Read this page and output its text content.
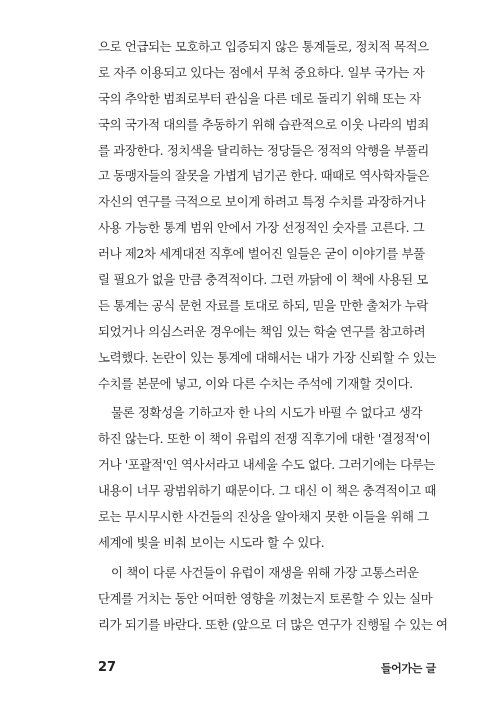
으로 언급되는 모호하고 입증되지 않은 통계들로, 정치적 목적으
로 자주 이용되고 있다는 점에서 무척 중요하다. 일부 국가는 자
국의 추악한 범죄로부터 관심을 다른 데로 돌리기 위해 또는 자
국의 국가적 대의를 추동하기 위해 습관적으로 이웃 나라의 범죄
를 과장한다. 정치색을 달리하는 정당들은 정적의 악행을 부풀리
고 동맹자들의 잘못을 가볍게 넘기곤 한다. 때때로 역사학자들은
자신의 연구를 극적으로 보이게 하려고 특정 수치를 과장하거나
사용 가능한 통계 범위 안에서 가장 선정적인 숫자를 고른다. 그
러나 제2차 세계대전 직후에 벌어진 일들은 굳이 이야기를 부풀
릴 필요가 없을 만큼 충격적이다. 그런 까닭에 이 책에 사용된 모
든 통계는 공식 문헌 자료를 토대로 하되, 믿을 만한 출처가 누락
되었거나 의심스러운 경우에는 책임 있는 학술 연구를 참고하려
노력했다. 논란이 있는 통계에 대해서는 내가 가장 신뢰할 수 있는
수치를 본문에 넣고, 이와 다른 수치는 주석에 기재할 것이다.
물론 정확성을 기하고자 한 나의 시도가 바펄 수 없다고 생각
하진 않는다. 또한 이 책이 유럽의 전쟁 직후기에 대한 '결정적'이
거나 '포괄적'인 역사서라고 내세울 수도 없다. 그러기에는 다루는
내용이 너무 광범위하기 때문이다. 그 대신 이 책은 충격적이고 때
로는 무시무시한 사건들의 진상을 알아채지 못한 이들을 위해 그
세계에 빛을 비춰 보이는 시도라 할 수 있다.
이 책이 다룬 사건들이 유럽이 재생을 위해 가장 고통스러운
단계를 거치는 동안 어떠한 영향을 끼쳤는지 토론할 수 있는 실마
리가 되기를 바란다. 또한 (앞으로 더 많은 연구가 진행될 수 있는 여
27	들어가는 글
